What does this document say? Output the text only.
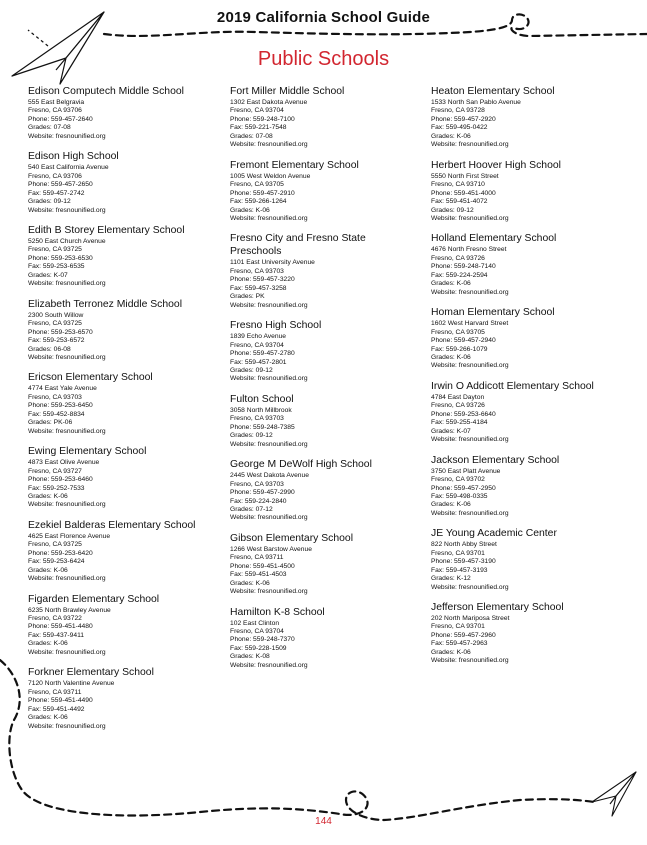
2019 California School Guide
Public Schools
Edison Computech Middle School
555 East Belgravia
Fresno, CA 93706
Phone: 559-457-2640
Grades: 07-08
Website: fresnounified.org
Edison High School
540 East California Avenue
Fresno, CA 93706
Phone: 559-457-2650
Fax: 559-457-2742
Grades: 09-12
Website: fresnounified.org
Edith B Storey Elementary School
5250 East Church Avenue
Fresno, CA 93725
Phone: 559-253-6530
Fax: 559-253-6535
Grades: K-07
Website: fresnounified.org
Elizabeth Terronez Middle School
2300 South Willow
Fresno, CA 93725
Phone: 559-253-6570
Fax: 559-253-6572
Grades: 06-08
Website: fresnounified.org
Ericson Elementary School
4774 East Yale Avenue
Fresno, CA 93703
Phone: 559-253-6450
Fax: 559-452-8834
Grades: PK-06
Website: fresnounified.org
Ewing Elementary School
4873 East Olive Avenue
Fresno, CA 93727
Phone: 559-253-6460
Fax: 559-252-7533
Grades: K-06
Website: fresnounified.org
Ezekiel Balderas Elementary School
4625 East Florence Avenue
Fresno, CA 93725
Phone: 559-253-6420
Fax: 559-253-6424
Grades: K-06
Website: fresnounified.org
Figarden Elementary School
6235 North Brawley Avenue
Fresno, CA 93722
Phone: 559-451-4480
Fax: 559-437-9411
Grades: K-06
Website: fresnounified.org
Forkner Elementary School
7120 North Valentine Avenue
Fresno, CA 93711
Phone: 559-451-4490
Fax: 559-451-4492
Grades: K-06
Website: fresnounified.org
Fort Miller Middle School
1302 East Dakota Avenue
Fresno, CA 93704
Phone: 559-248-7100
Fax: 559-221-7548
Grades: 07-08
Website: fresnounified.org
Fremont Elementary School
1005 West Weldon Avenue
Fresno, CA 93705
Phone: 559-457-2910
Fax: 559-266-1264
Grades: K-06
Website: fresnounified.org
Fresno City and Fresno State
Preschools
1101 East University Avenue
Fresno, CA 93703
Phone: 559-457-3220
Fax: 559-457-3258
Grades: PK
Website: fresnounified.org
Fresno High School
1839 Echo Avenue
Fresno, CA 93704
Phone: 559-457-2780
Fax: 559-457-2801
Grades: 09-12
Website: fresnounified.org
Fulton School
3058 North Millbrook
Fresno, CA 93703
Phone: 559-248-7385
Grades: 09-12
Website: fresnounified.org
George M DeWolf High School
2445 West Dakota Avenue
Fresno, CA 93703
Phone: 559-457-2990
Fax: 559-224-2840
Grades: 07-12
Website: fresnounified.org
Gibson Elementary School
1266 West Barstow Avenue
Fresno, CA 93711
Phone: 559-451-4500
Fax: 559-451-4503
Grades: K-06
Website: fresnounified.org
Hamilton K-8 School
102 East Clinton
Fresno, CA 93704
Phone: 559-248-7370
Fax: 559-228-1509
Grades: K-08
Website: fresnounified.org
Heaton Elementary School
1533 North San Pablo Avenue
Fresno, CA 93728
Phone: 559-457-2920
Fax: 559-495-0422
Grades: K-06
Website: fresnounified.org
Herbert Hoover High School
5550 North First Street
Fresno, CA 93710
Phone: 559-451-4000
Fax: 559-451-4072
Grades: 09-12
Website: fresnounified.org
Holland Elementary School
4676 North Fresno Street
Fresno, CA 93726
Phone: 559-248-7140
Fax: 559-224-2594
Grades: K-06
Website: fresnounified.org
Homan Elementary School
1602 West Harvard Street
Fresno, CA 93705
Phone: 559-457-2940
Fax: 559-266-1079
Grades: K-06
Website: fresnounified.org
Irwin O Addicott Elementary School
4784 East Dayton
Fresno, CA 93726
Phone: 559-253-6640
Fax: 559-255-4184
Grades: K-07
Website: fresnounified.org
Jackson Elementary School
3750 East Platt Avenue
Fresno, CA 93702
Phone: 559-457-2950
Fax: 559-498-0335
Grades: K-06
Website: fresnounified.org
JE Young Academic Center
822 North Abby Street
Fresno, CA 93701
Phone: 559-457-3190
Fax: 559-457-3193
Grades: K-12
Website: fresnounified.org
Jefferson Elementary School
202 North Mariposa Street
Fresno, CA 93701
Phone: 559-457-2960
Fax: 559-457-2963
Grades: K-06
Website: fresnounified.org
144
